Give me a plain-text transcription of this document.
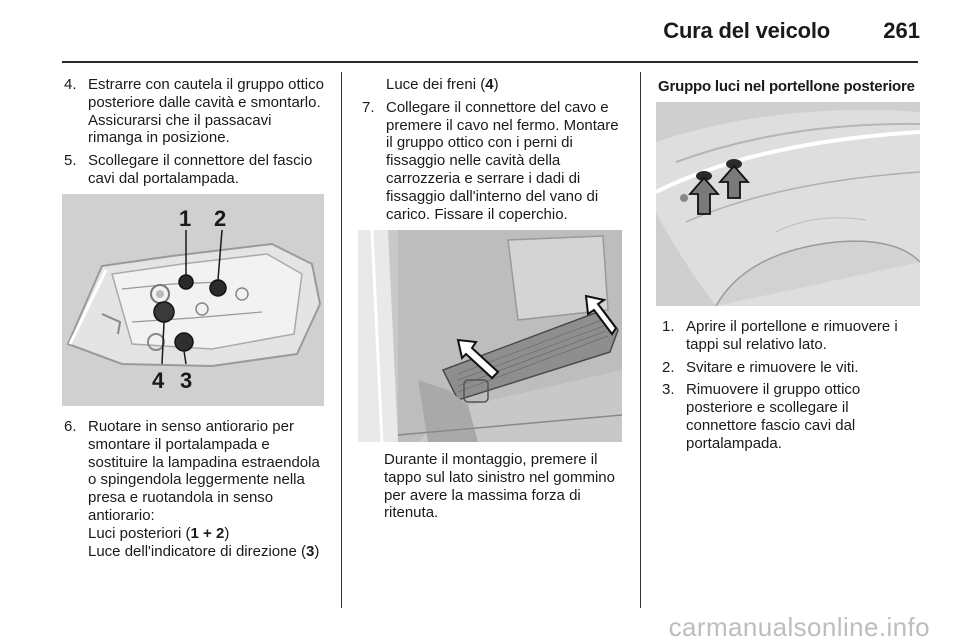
Cura del veicolo	261
4. Estrarre con cautela il gruppo ottico posteriore dalle cavità e smontarlo. Assicurarsi che il passacavi rimanga in posizione.
5. Scollegare il connettore del fascio cavi dal portalampada.
1 2
4 3
6. Ruotare in senso antiorario per smontare il portalampada e sostituire la lampadina estraendola o spingendola leggermente nella presa e ruotandola in senso antiorario:

Luci posteriori (1 + 2)

Luce dell'indicatore di direzione (3)

Luce dei freni (4)

7. Collegare il connettore del cavo e premere il cavo nel fermo. Montare il gruppo ottico con i perni di fissaggio nelle cavità della carrozzeria e serrare i dadi di fissaggio dall'interno del vano di carico. Fissare il coperchio.
Durante il montaggio, premere il tappo sul lato sinistro nel gommino per avere la massima forza di ritenuta.

Gruppo luci nel portellone posteriore

1. Aprire il portellone e rimuovere i tappi sul relativo lato.
2. Svitare e rimuovere le viti.
3. Rimuovere il gruppo ottico posteriore e scollegare il connettore fascio cavi dal portalampada.
carmanualsonline.info
